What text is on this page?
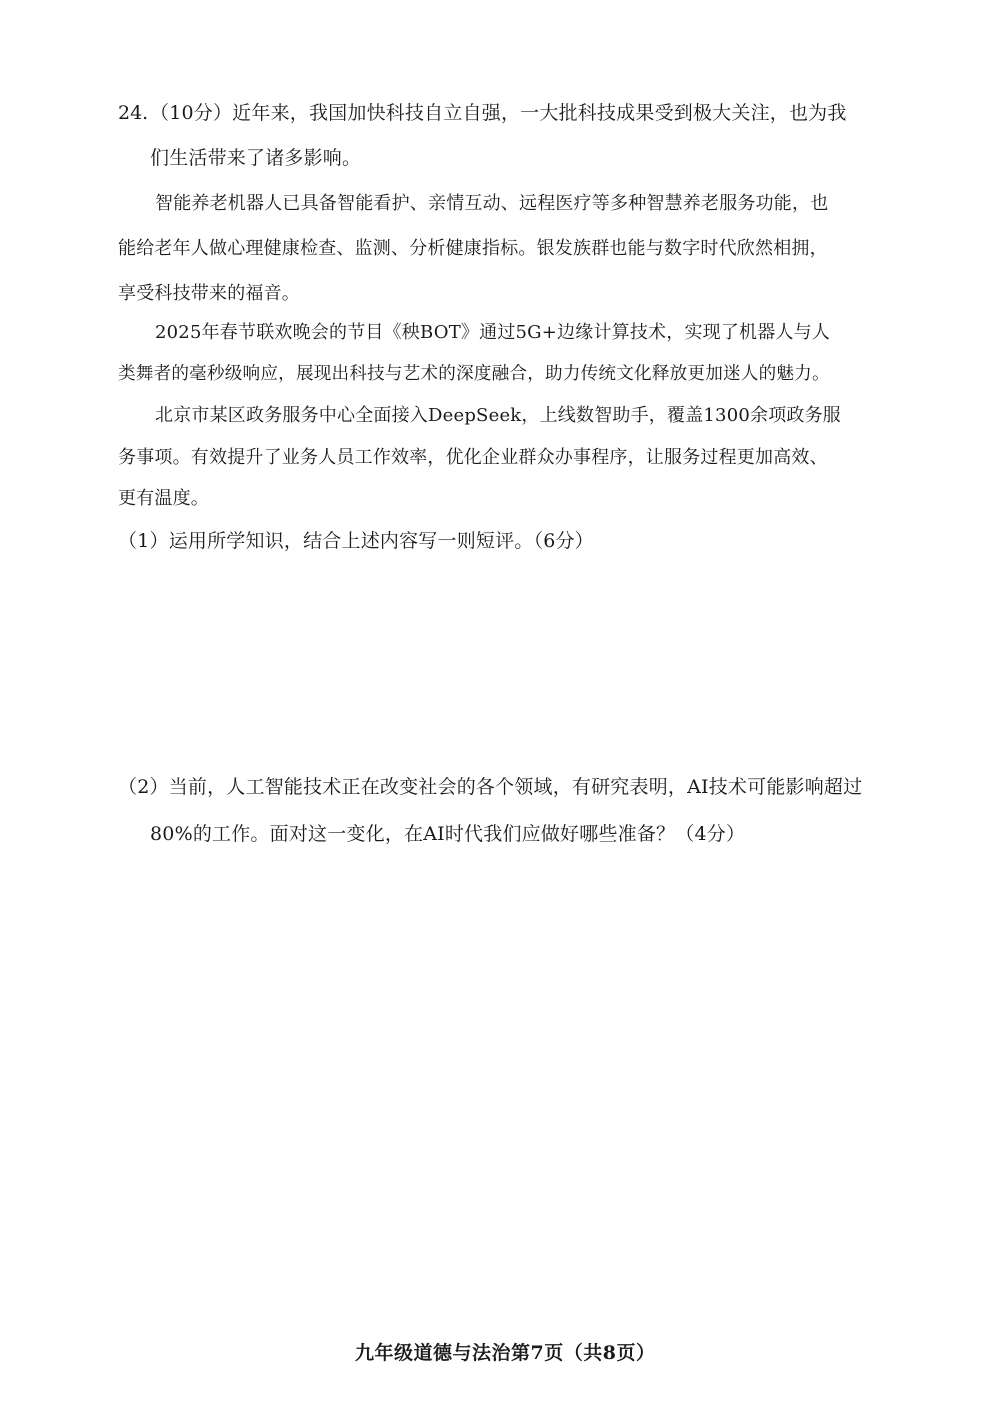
24. （10分）近年来，我国加快科技自立自强，一大批科技成果受到极大关注，也为我
们生活带来了诸多影响。
智能养老机器人已具备智能看护、亲情互动、远程医疗等多种智慧养老服务功能，也
能给老年人做心理健康检查、监测、分析健康指标。银发族群也能与数字时代欣然相拥，
享受科技带来的福音。
2025年春节联欢晚会的节目《秧BOT》通过5G+边缘计算技术，实现了机器人与人
类舞者的毫秒级响应，展现出科技与艺术的深度融合，助力传统文化释放更加迷人的魅力。
北京市某区政务服务中心全面接入DeepSeek，上线数智助手，覆盖1300余项政务服
务事项。有效提升了业务人员工作效率，优化企业群众办事程序，让服务过程更加高效、
更有温度。
（1）运用所学知识，结合上述内容写一则短评。（6分）
（2）当前，人工智能技术正在改变社会的各个领域，有研究表明，AI技术可能影响超过
80%的工作。面对这一变化，在AI时代我们应做好哪些准备？（4分）
九年级道德与法治第7页（共8页）
